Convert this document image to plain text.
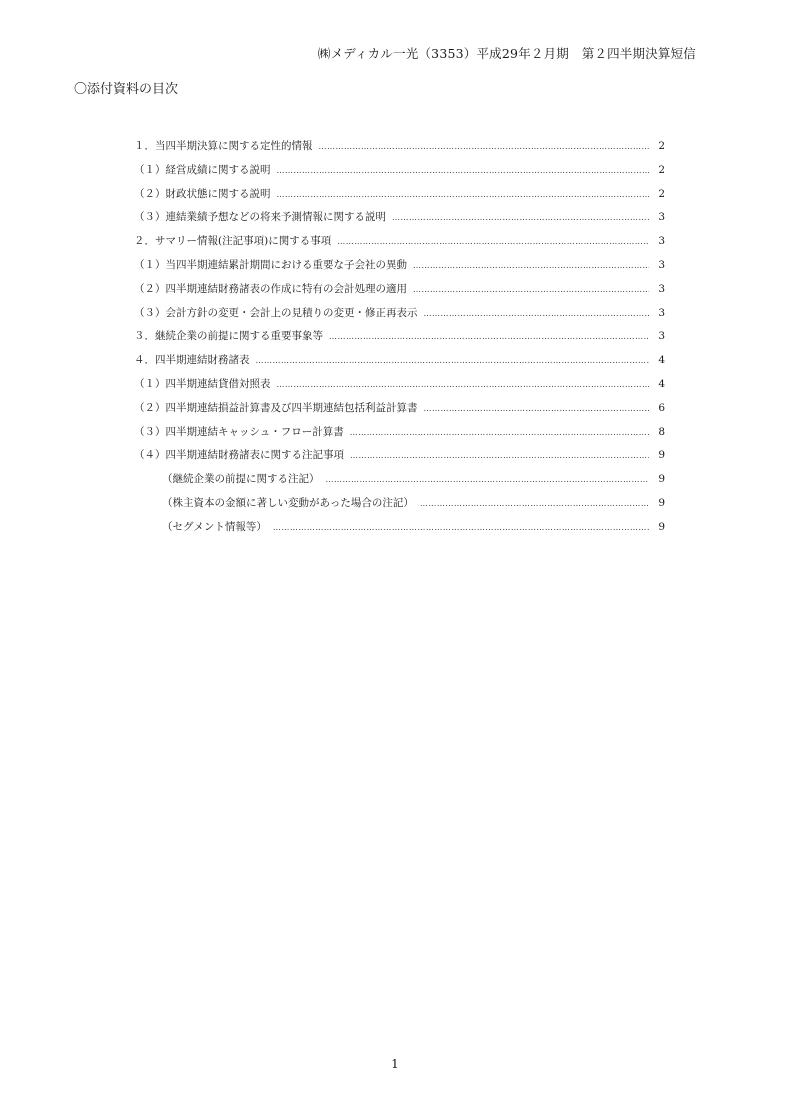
㈱メディカル一光（3353）平成29年２月期　第２四半期決算短信
〇添付資料の目次
１．当四半期決算に関する定性的情報 …………………………………………………………………………………………………………………………………………………………………………………………………………	2
（１）経営成績に関する説明 …………………………………………………………………………………………………………………………………………………………………………………………………………	2
（２）財政状態に関する説明 …………………………………………………………………………………………………………………………………………………………………………………………………………	2
（３）連結業績予想などの将来予測情報に関する説明 …………………………………………………………………………………………………………………………………………………………………………………………………………	3
２．サマリー情報(注記事項)に関する事項 …………………………………………………………………………………………………………………………………………………………………………………………………………	3
（１）当四半期連結累計期間における重要な子会社の異動 …………………………………………………………………………………………………………………………………………………………………………………………………………	3
（２）四半期連結財務諸表の作成に特有の会計処理の適用 …………………………………………………………………………………………………………………………………………………………………………………………………………	3
（３）会計方針の変更・会計上の見積りの変更・修正再表示 …………………………………………………………………………………………………………………………………………………………………………………………………………	3
３．継続企業の前提に関する重要事象等 …………………………………………………………………………………………………………………………………………………………………………………………………………	3
４．四半期連結財務諸表 …………………………………………………………………………………………………………………………………………………………………………………………………………	4
（１）四半期連結貸借対照表 …………………………………………………………………………………………………………………………………………………………………………………………………………	4
（２）四半期連結損益計算書及び四半期連結包括利益計算書 …………………………………………………………………………………………………………………………………………………………………………………………………………	6
（３）四半期連結キャッシュ・フロー計算書 …………………………………………………………………………………………………………………………………………………………………………………………………………	8
（４）四半期連結財務諸表に関する注記事項 …………………………………………………………………………………………………………………………………………………………………………………………………………	9
（継続企業の前提に関する注記） …………………………………………………………………………………………………………………………………………………………………………………………………………	9
（株主資本の金額に著しい変動があった場合の注記） …………………………………………………………………………………………………………………………………………………………………………………………………………	9
（セグメント情報等） …………………………………………………………………………………………………………………………………………………………………………………………………………	9
1
